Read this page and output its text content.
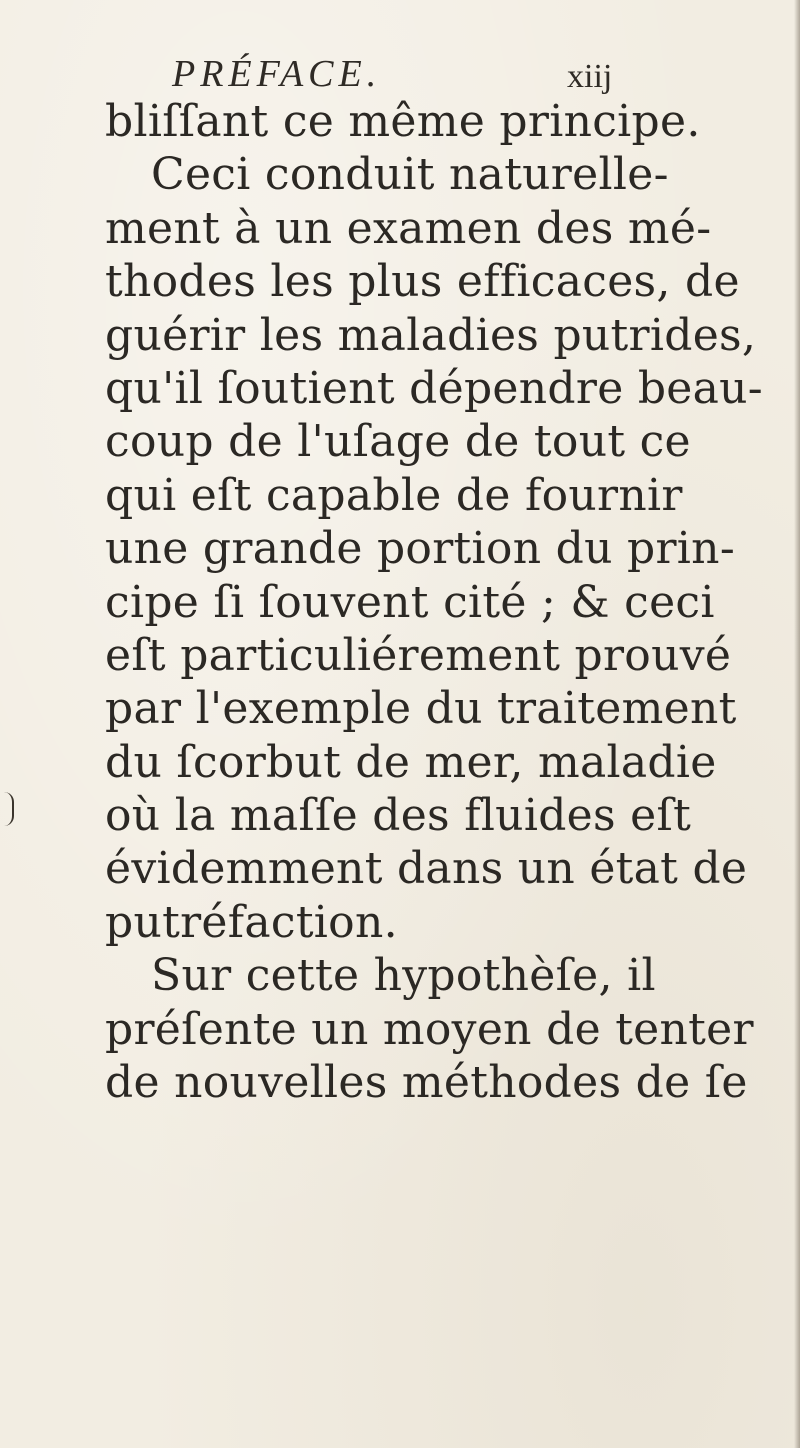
PRÉFACE.	xiij
bliſſant ce même principe.
Ceci conduit naturelle-
ment à un examen des mé-
thodes les plus efficaces, de
guérir les maladies putrides,
qu'il ſoutient dépendre beau-
coup de l'uſage de tout ce
qui eſt capable de fournir
une grande portion du prin-
cipe ſi ſouvent cité ; & ceci
eſt particuliérement prouvé
par l'exemple du traitement
du ſcorbut de mer, maladie
où la maſſe des fluides eſt
évidemment dans un état de
putréfaction.
Sur cette hypothèſe, il
préſente un moyen de tenter
de nouvelles méthodes de ſe
